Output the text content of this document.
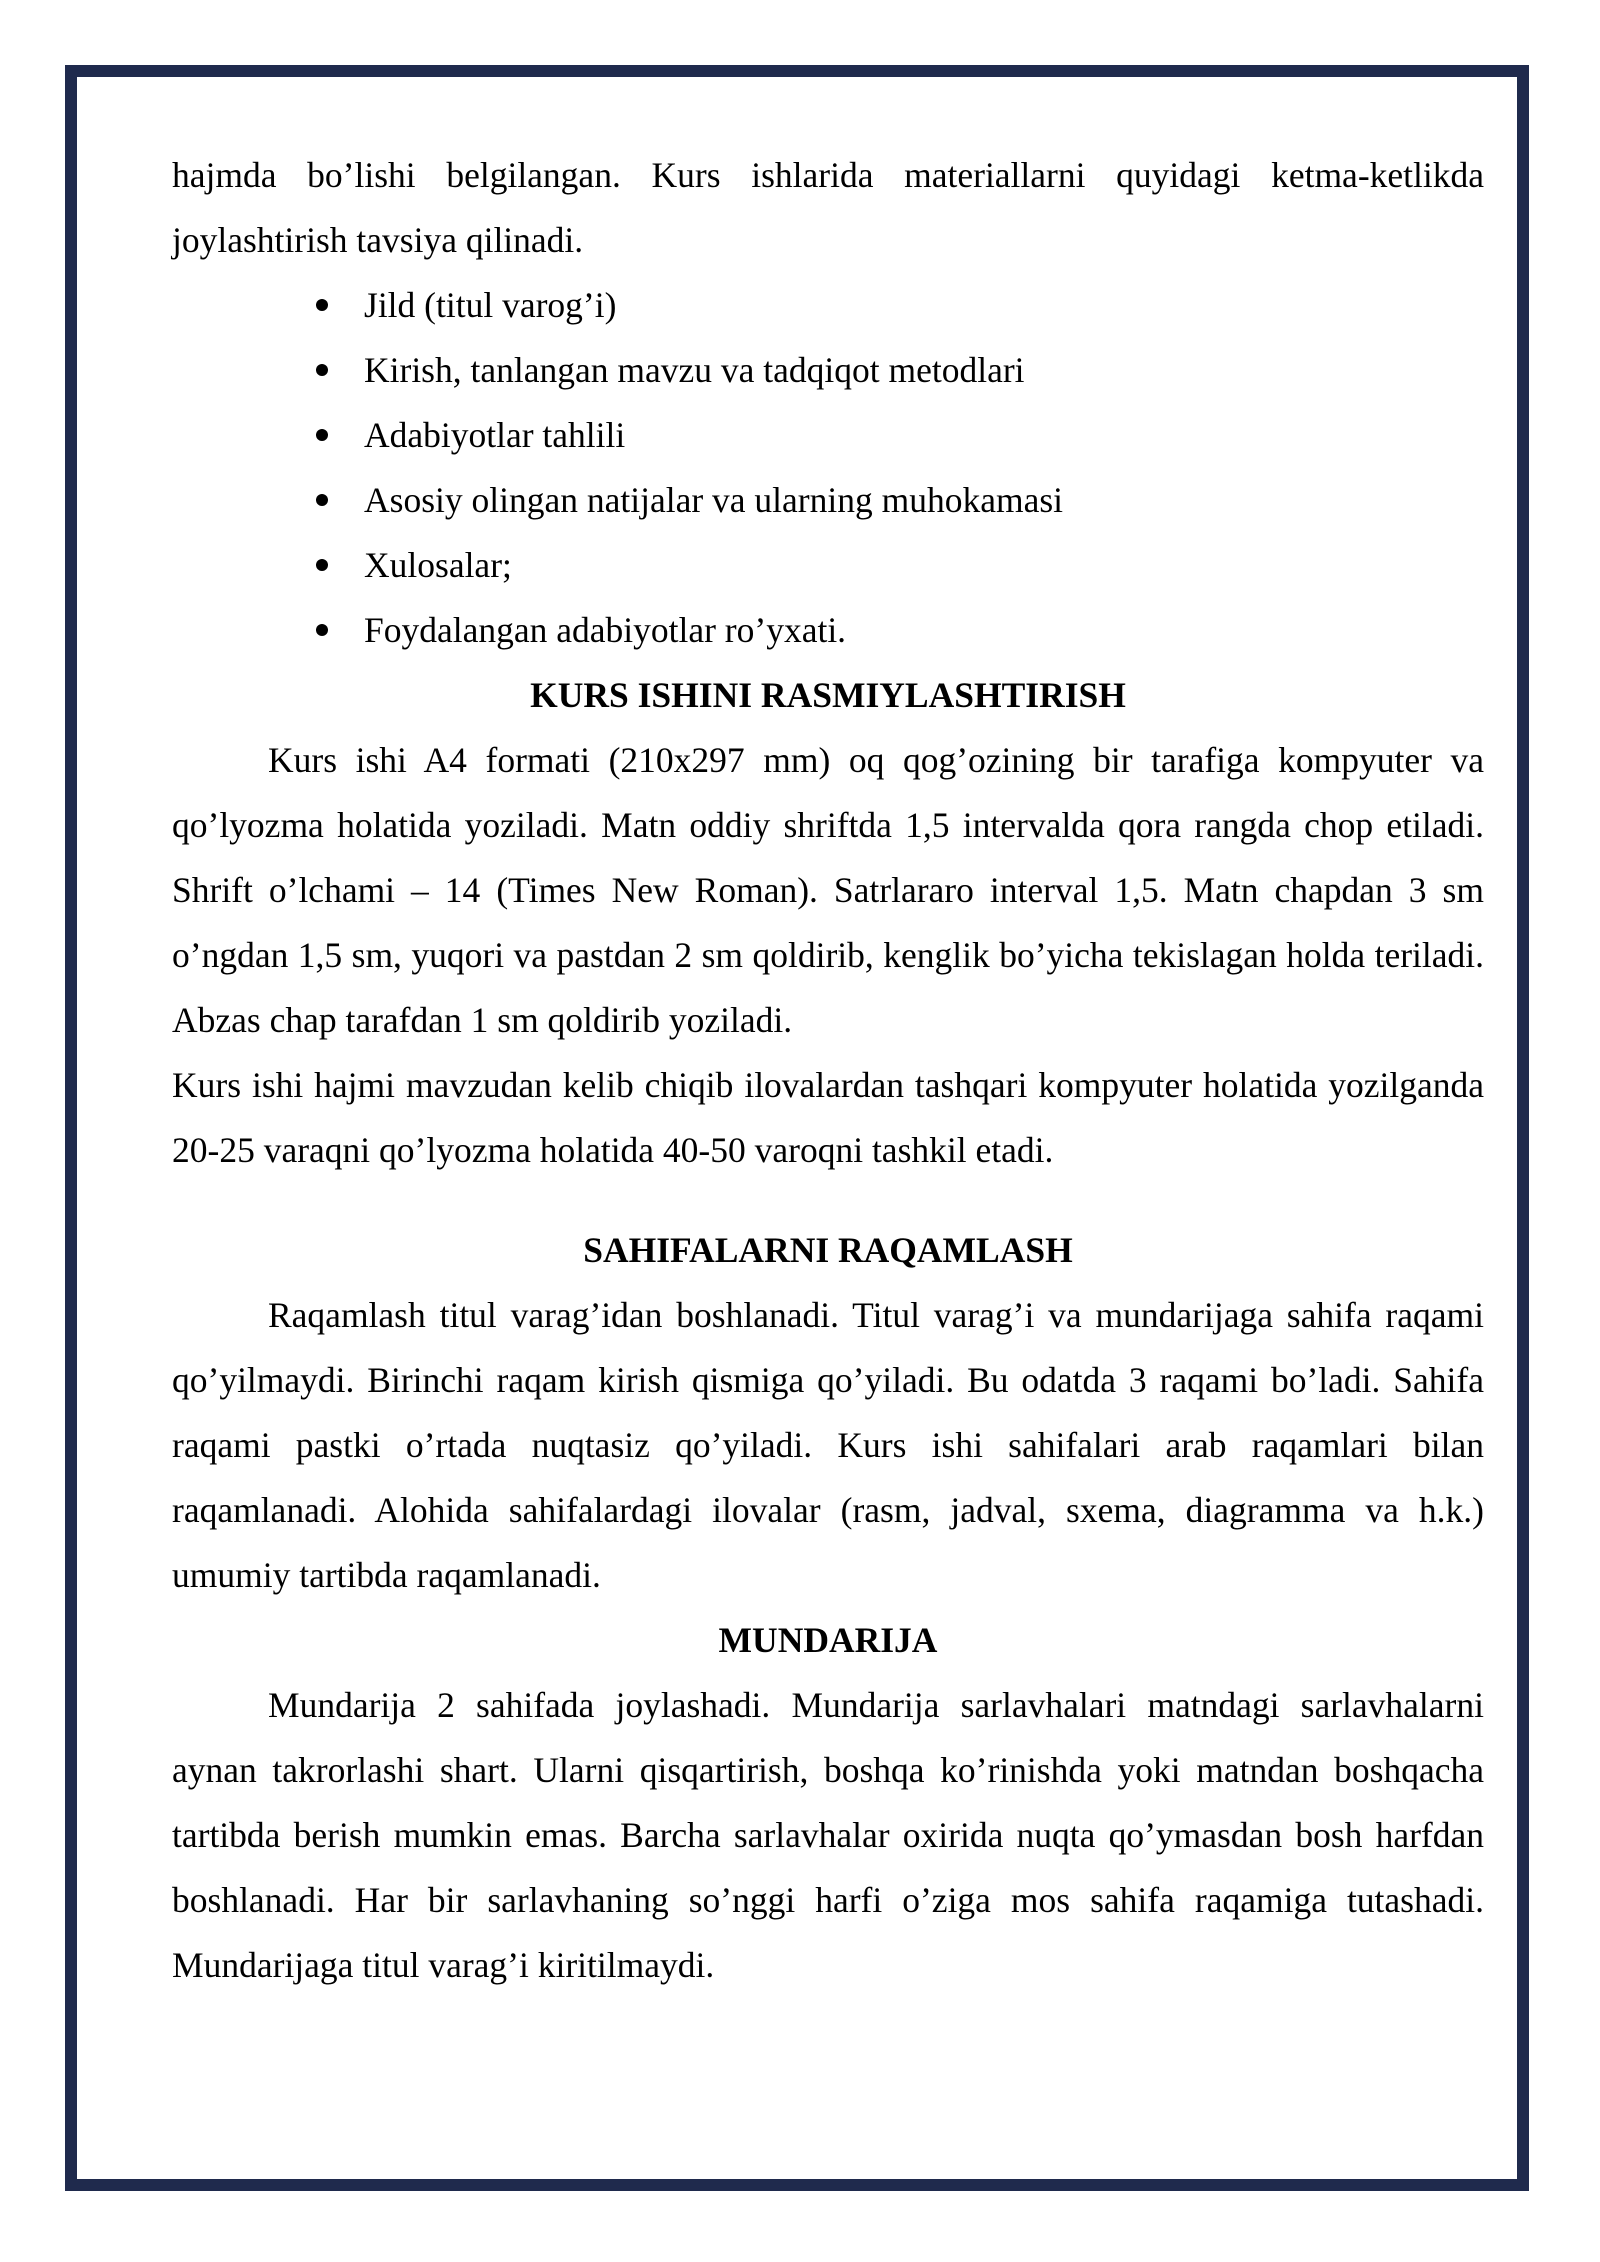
hajmda bo’lishi belgilangan. Kurs ishlarida materiallarni quyidagi ketma-ketlikda joylashtirish tavsiya qilinadi.

Jild (titul varog’i)
Kirish, tanlangan mavzu va tadqiqot metodlari
Adabiyotlar tahlili
Asosiy olingan natijalar va ularning muhokamasi
Xulosalar;
Foydalangan adabiyotlar ro’yxati.
KURS ISHINI RASMIYLASHTIRISH

Kurs ishi A4 formati (210x297 mm) oq qog’ozining bir tarafiga kompyuter va qo’lyozma holatida yoziladi. Matn oddiy shriftda 1,5 intervalda qora rangda chop etiladi. Shrift o’lchami – 14 (Times New Roman). Satrlararo interval 1,5. Matn chapdan 3 sm o’ngdan 1,5 sm, yuqori va pastdan 2 sm qoldirib, kenglik bo’yicha tekislagan holda teriladi. Abzas chap tarafdan 1 sm qoldirib yoziladi.

Kurs ishi hajmi mavzudan kelib chiqib ilovalardan tashqari kompyuter holatida yozilganda 20-25 varaqni qo’lyozma holatida 40-50 varoqni tashkil etadi.

SAHIFALARNI RAQAMLASH

Raqamlash titul varag’idan boshlanadi. Titul varag’i va mundarijaga sahifa raqami qo’yilmaydi. Birinchi raqam kirish qismiga qo’yiladi. Bu odatda 3 raqami bo’ladi. Sahifa raqami pastki o’rtada nuqtasiz qo’yiladi. Kurs ishi sahifalari arab raqamlari bilan raqamlanadi. Alohida sahifalardagi ilovalar (rasm, jadval, sxema, diagramma va h.k.) umumiy tartibda raqamlanadi.

MUNDARIJA

Mundarija 2 sahifada joylashadi. Mundarija sarlavhalari matndagi sarlavhalarni aynan takrorlashi shart. Ularni qisqartirish, boshqa ko’rinishda yoki matndan boshqacha tartibda berish mumkin emas. Barcha sarlavhalar oxirida nuqta qo’ymasdan bosh harfdan boshlanadi. Har bir sarlavhaning so’nggi harfi o’ziga mos sahifa raqamiga tutashadi. Mundarijaga titul varag’i kiritilmaydi.
